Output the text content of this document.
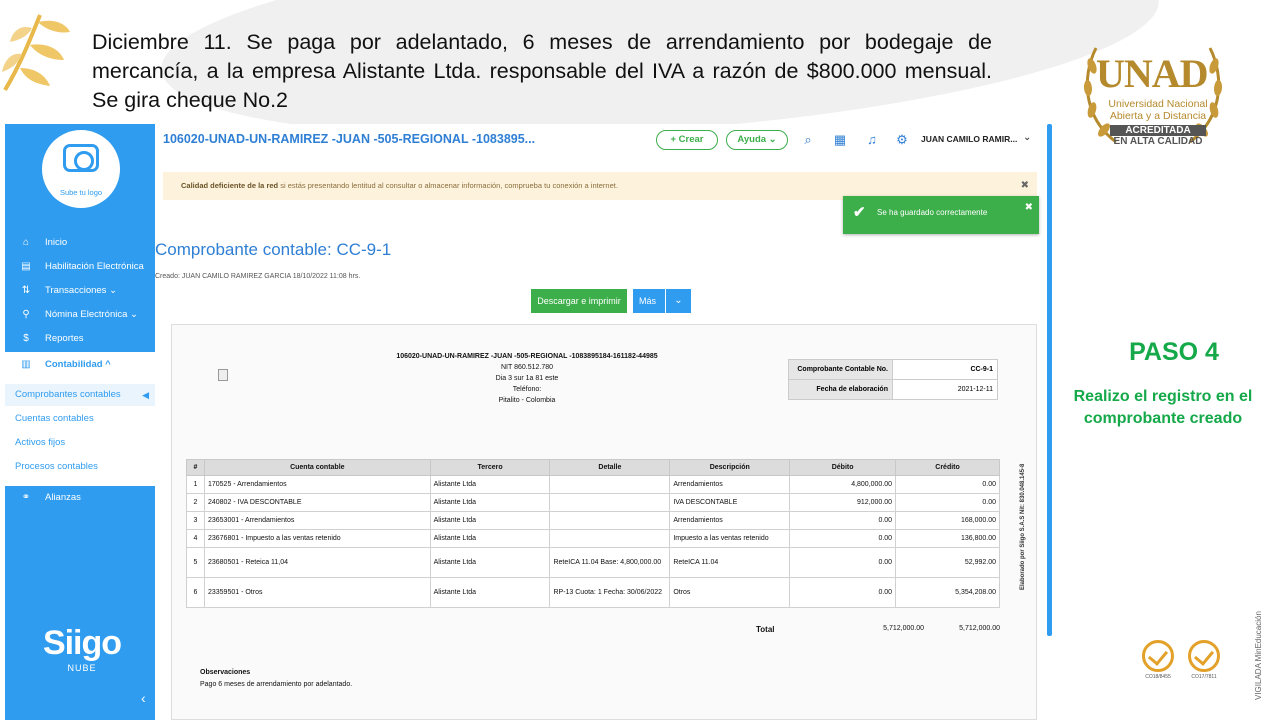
Diciembre 11. Se paga por adelantado, 6 meses de arrendamiento por bodegaje de mercancía, a la empresa Alistante Ltda. responsable del IVA a razón de $800.000 mensual. Se gira cheque No.2
UNAD
Universidad Nacional Abierta y a Distancia
ACREDITADA
EN ALTA CALIDAD
PASO 4
Realizo el registro en el comprobante creado
CO18/8455	CO17/7811	VIGILADA MinEducación
Sube tu logo
⌂	Inicio
▤ Habilitación Electrónica
⇅ Transacciones ⌄
⚲	Nómina Electrónica ⌄
$	Reportes
▥ Contabilidad ^
Comprobantes contables ◀
Cuentas contables
Activos fijos
Procesos contables
⚭ Alianzas
Siigo
NUBE
‹
106020-UNAD-UN-RAMIREZ -JUAN -505-REGIONAL -1083895...	+ Crear	Ayuda ⌄	⌕	▦ ♫ ⚙ JUAN CAMILO RAMIR... ⌄
Calidad deficiente de la red si estás presentando lentitud al consultar o almacenar información, comprueba tu conexión a internet.	✖
✔ Se ha guardado correctamente	✖
Comprobante contable: CC-9-1
Creado: JUAN CAMILO RAMIREZ GARCIA 18/10/2022 11:08 hrs.
Descargar e imprimir	Más	⌄
106020-UNAD-UN-RAMIREZ -JUAN -505-REGIONAL -1083895184-161182-44985
NIT 860.512.780
Dia 3 sur 1a 81 este
Teléfono:
Pitalito - Colombia
Comprobante Contable No.	CC-9-1
Fecha de elaboración	2021-12-11
#	Cuenta contable	Tercero	Detalle	Descripción	Débito	Crédito
1	170525 - Arrendamientos	Alistante Ltda		Arrendamientos	4,800,000.00	0.00
2	240802 - IVA DESCONTABLE	Alistante Ltda		IVA DESCONTABLE	912,000.00	0.00
3	23653001 - Arrendamientos	Alistante Ltda		Arrendamientos	0.00	168,000.00
4	23676801 - Impuesto a las ventas retenido	Alistante Ltda		Impuesto a las ventas retenido	0.00	136,800.00
5	23680501 - Reteica 11,04	Alistante Ltda	ReteICA 11.04 Base: 4,800,000.00	ReteICA 11.04	0.00	52,992.00
6	23359501 - Otros	Alistante Ltda	RP-13 Cuota: 1 Fecha: 30/06/2022	Otros	0.00	5,354,208.00
Total	5,712,000.00	5,712,000.00
Observaciones
Pago 6 meses de arrendamiento por adelantado.
Elaborado por Siigo S.A.S Nit: 830.048.145-8
